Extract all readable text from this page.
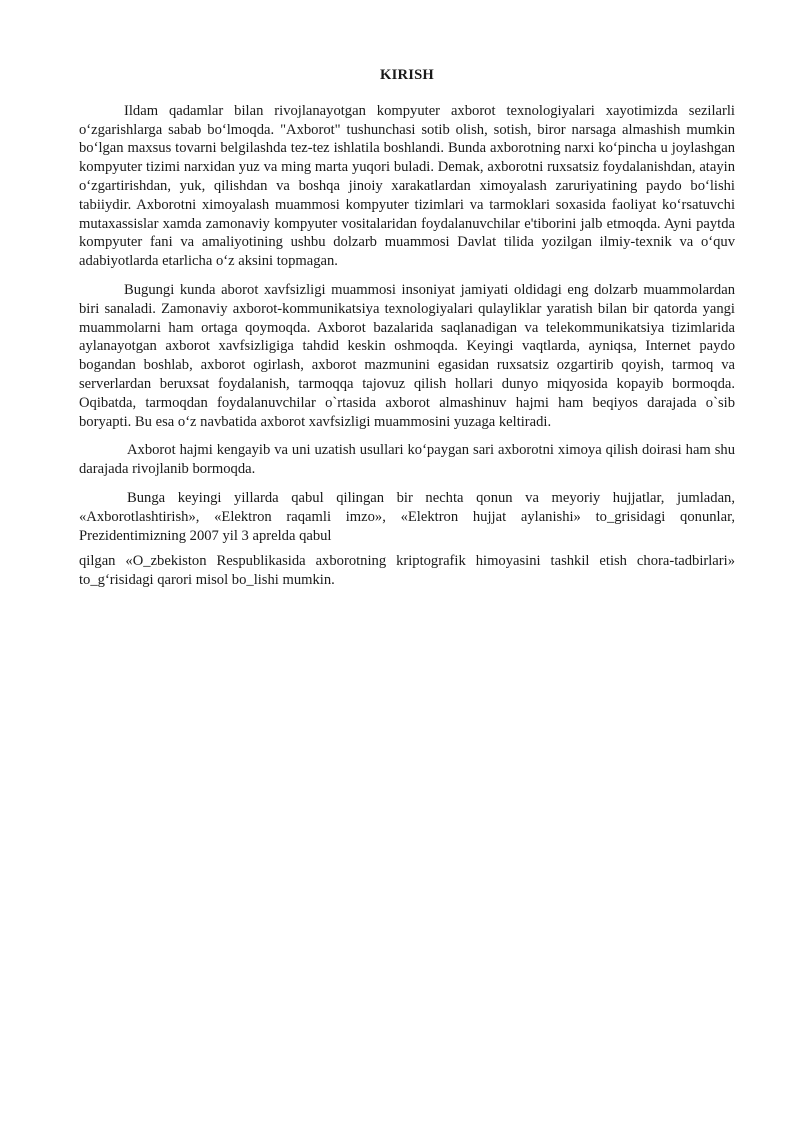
KIRISH

Ildam qadamlar bilan rivojlanayotgan kompyuter axborot texnologiyalari xayotimizda sezilarli oʻzgarishlarga sabab boʻlmoqda. "Axborot" tushunchasi sotib olish, sotish, biror narsaga almashish mumkin boʻlgan maxsus tovarni belgilashda tez-tez ishlatila boshlandi. Bunda axborotning narxi koʻpincha u joylashgan kompyuter tizimi narxidan yuz va ming marta yuqori buladi. Demak, axborotni ruxsatsiz foydalanishdan, atayin oʻzgartirishdan, yuk, qilishdan va boshqa jinoiy xarakatlardan ximoyalash zaruriyatining paydo boʻlishi tabiiydir. Axborotni ximoyalash muammosi kompyuter tizimlari va tarmoklari soxasida faoliyat koʻrsatuvchi mutaxassislar xamda zamonaviy kompyuter vositalaridan foydalanuvchilar e'tiborini jalb etmoqda. Ayni paytda kompyuter fani va amaliyotining ushbu dolzarb muammosi Davlat tilida yozilgan ilmiy-texnik va oʻquv adabiyotlarda etarlicha oʻz aksini topmagan.

Bugungi kunda aborot xavfsizligi muammosi insoniyat jamiyati oldidagi eng dolzarb muammolardan biri sanaladi. Zamonaviy axborot-kommunikatsiya texnologiyalari qulayliklar yaratish bilan bir qatorda yangi muammolarni ham ortaga qoymoqda. Axborot bazalarida saqlanadigan va telekommunikatsiya tizimlarida aylanayotgan axborot xavfsizligiga tahdid keskin oshmoqda. Keyingi vaqtlarda, ayniqsa, Internet paydo bogandan boshlab, axborot ogirlash, axborot mazmunini egasidan ruxsatsiz ozgartirib qoyish, tarmoq va serverlardan beruxsat foydalanish, tarmoqqa tajovuz qilish hollari dunyo miqyosida kopayib bormoqda. Oqibatda, tarmoqdan foydalanuvchilar o`rtasida axborot almashinuv hajmi ham beqiyos darajada o`sib boryapti. Bu esa oʻz navbatida axborot xavfsizligi muammosini yuzaga keltiradi.

Axborot hajmi kengayib va uni uzatish usullari koʻpaygan sari axborotni ximoya qilish doirasi ham shu darajada rivojlanib bormoqda.

Bunga keyingi yillarda qabul qilingan bir nechta qonun va meyoriy hujjatlar, jumladan, «Axborotlashtirish», «Elektron raqamli imzo», «Elektron hujjat aylanishi» to_grisidagi qonunlar, Prezidentimizning 2007 yil 3 aprelda qabul

qilgan «O_zbekiston Respublikasida axborotning kriptografik himoyasini tashkil etish chora-tadbirlari» to_gʻrisidagi qarori misol bo_lishi mumkin.
